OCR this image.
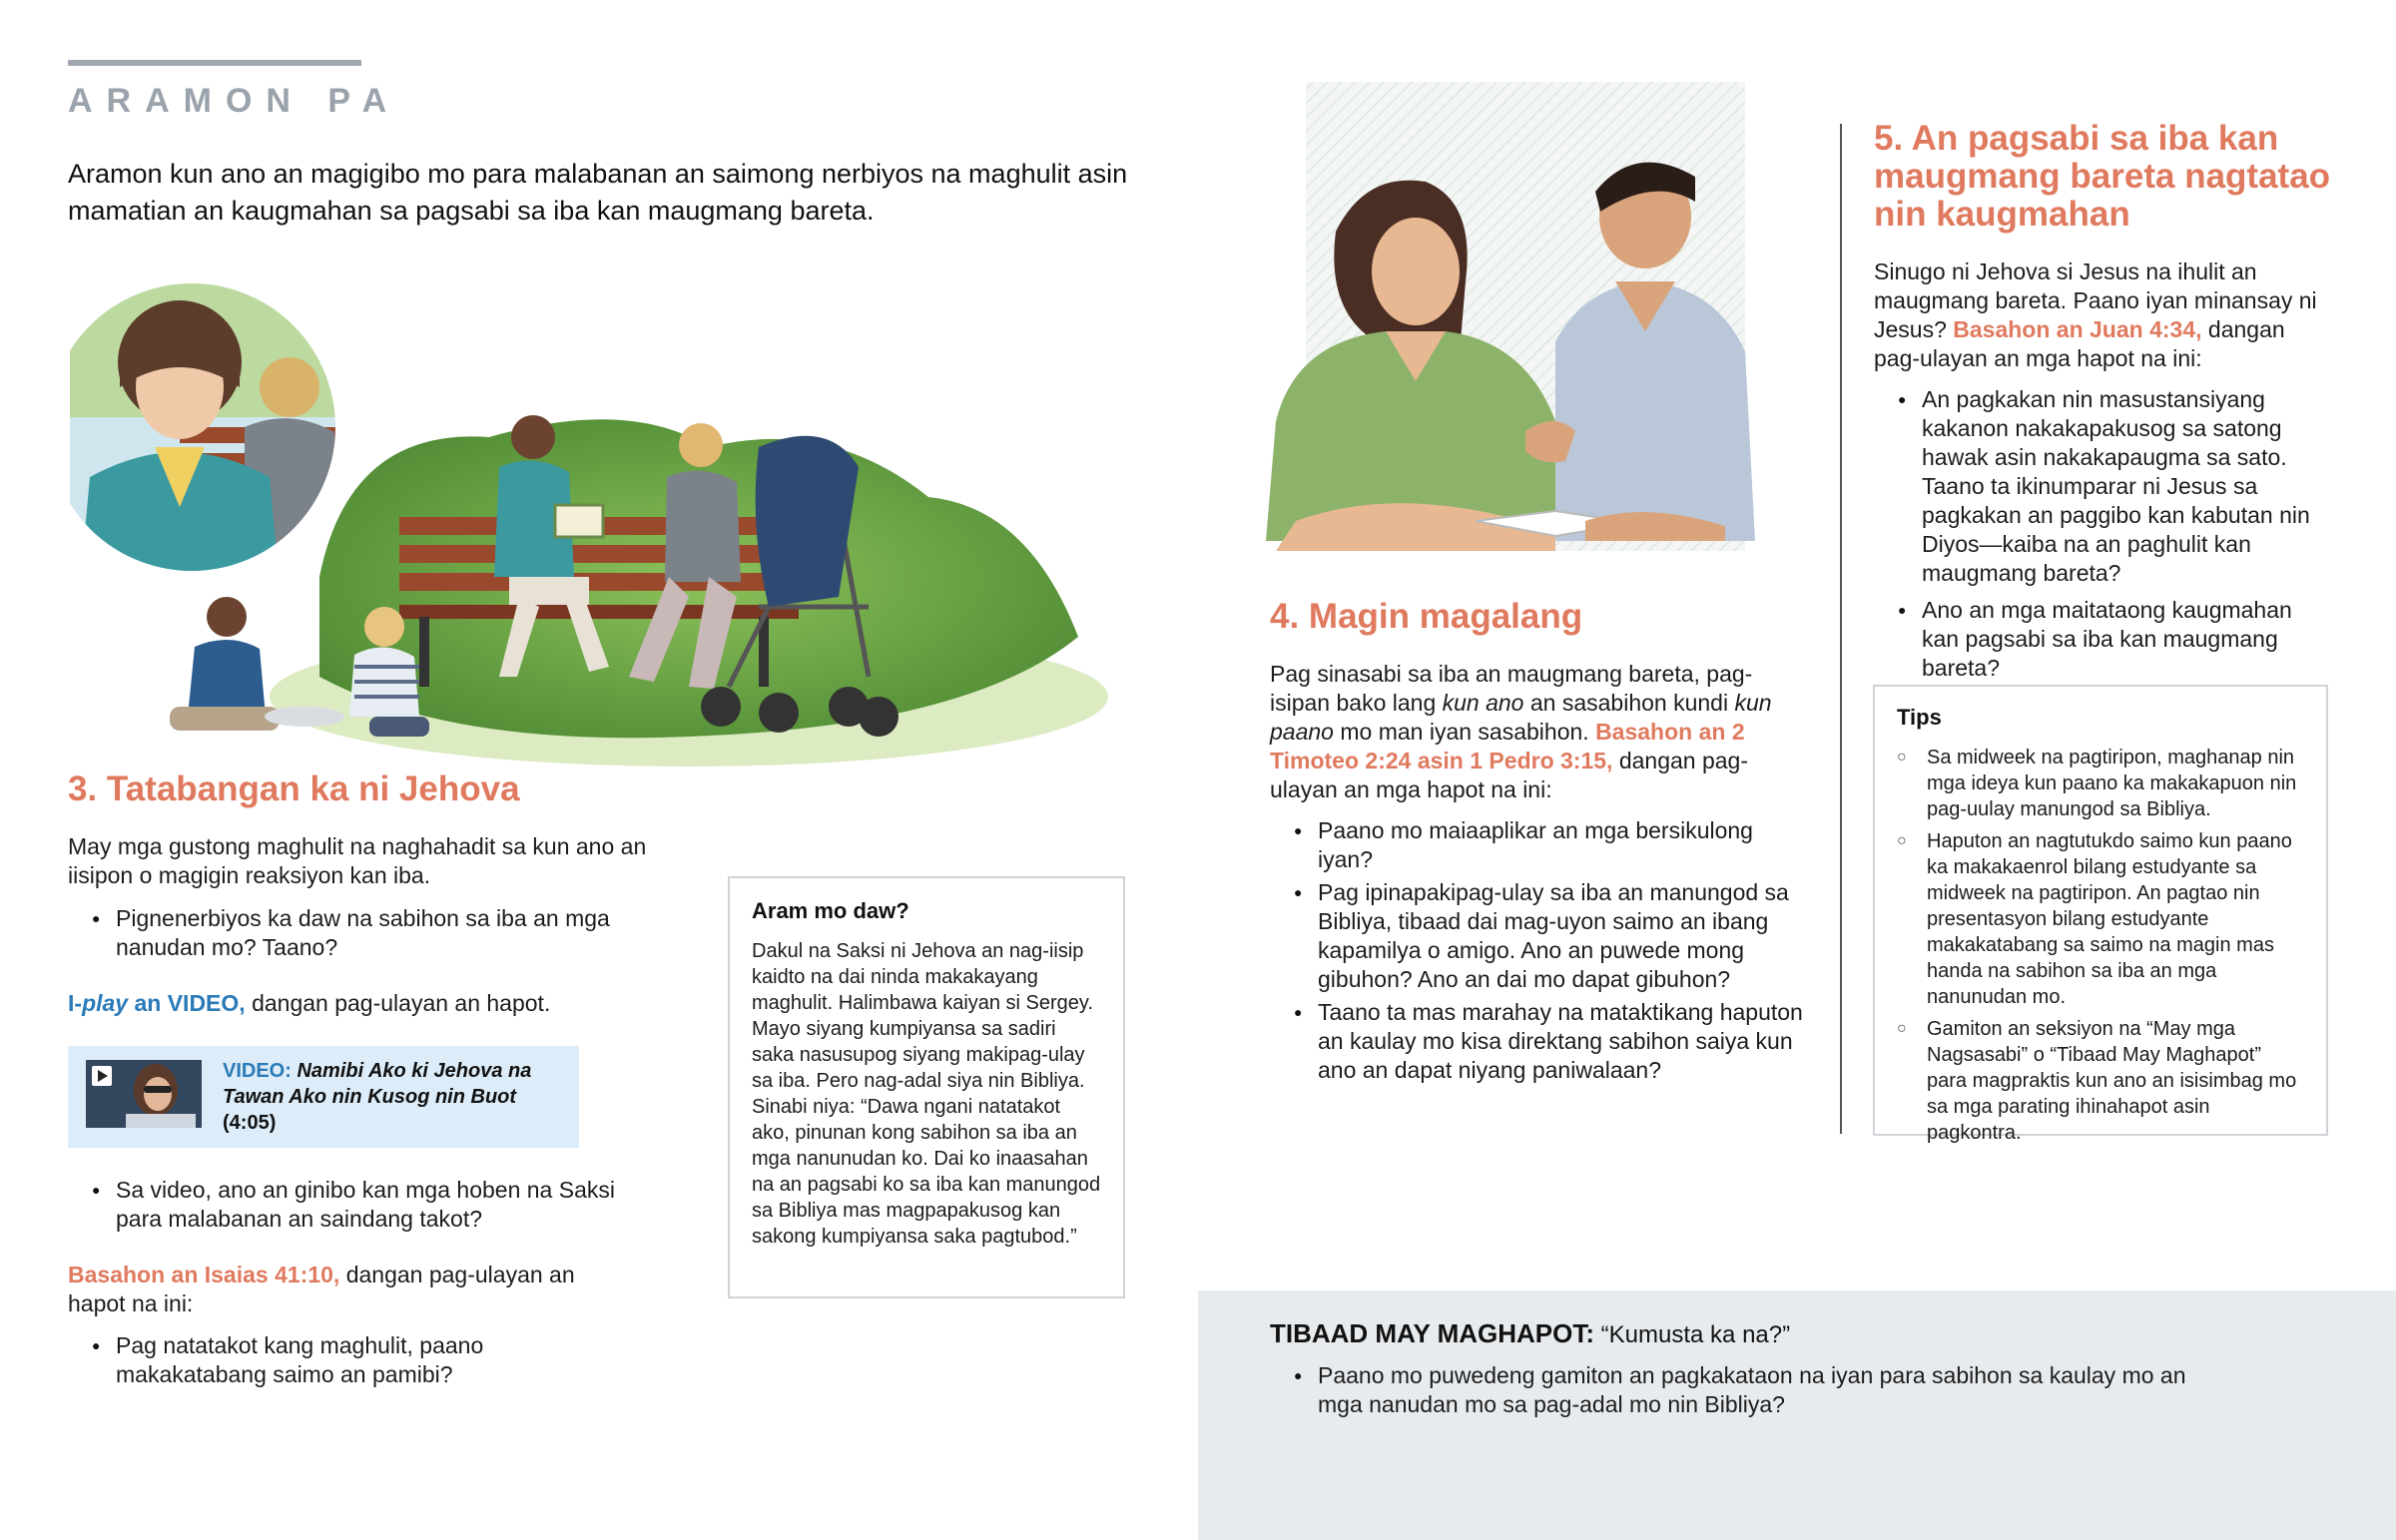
ARAMON PA
Aramon kun ano an magigibo mo para malabanan an saimong nerbiyos na maghulit asin mamatian an kaugmahan sa pagsabi sa iba kan maugmang bareta.
3. Tatabangan ka ni Jehova
May mga gustong maghulit na naghahadit sa kun ano an iisipon o magigin reaksiyon kan iba.
● Pignenerbiyos ka daw na sabihon sa iba an mga nanudan mo? Taano?
I-play an VIDEO, dangan pag-ulayan an hapot.
VIDEO: Namibi Ako ki Jehova na Tawan Ako nin Kusog nin Buot (4:05)
● Sa video, ano an ginibo kan mga hoben na Saksi para malabanan an saindang takot?
Basahon an Isaias 41:10, dangan pag-ulayan an hapot na ini:
● Pag natatakot kang maghulit, paano makakatabang saimo an pamibi?
Aram mo daw?
Dakul na Saksi ni Jehova an nag-iisip kaidto na dai ninda makakayang maghulit. Halimbawa kaiyan si Sergey. Mayo siyang kumpiyansa sa sadiri saka nasusupog siyang makipag-ulay sa iba. Pero nag-adal siya nin Bibliya. Sinabi niya: “Dawa ngani natatakot ako, pinunan kong sabihon sa iba an mga nanunudan ko. Dai ko inaasahan na an pagsabi ko sa iba kan manungod sa Bibliya mas magpapakusog kan sakong kumpiyansa saka pagtubod.”
4. Magin magalang
Pag sinasabi sa iba an maugmang bareta, pag-isipan bako lang kun ano an sasabihon kundi kun paano mo man iyan sasabihon. Basahon an 2 Timoteo 2:24 asin 1 Pedro 3:15, dangan pag-ulayan an mga hapot na ini:
● Paano mo maiaaplikar an mga bersikulong iyan?
● Pag ipinapakipag-ulay sa iba an manungod sa Bibliya, tibaad dai mag-uyon saimo an ibang kapamilya o amigo. Ano an puwede mong gibuhon? Ano an dai mo dapat gibuhon?
● Taano ta mas marahay na mataktikang haputon an kaulay mo kisa direktang sabihon saiya kun ano an dapat niyang paniwalaan?
5. An pagsabi sa iba kan maugmang bareta nagtatao nin kaugmahan
Sinugo ni Jehova si Jesus na ihulit an maugmang bareta. Paano iyan minansay ni Jesus? Basahon an Juan 4:34, dangan pag-ulayan an mga hapot na ini:
● An pagkakan nin masustansiyang kakanon nakakapakusog sa satong hawak asin nakakapaugma sa sato. Taano ta ikinumparar ni Jesus sa pagkakan an paggibo kan kabutan nin Diyos—kaiba na an paghulit kan maugmang bareta?
● Ano an mga maitataong kaugmahan kan pagsabi sa iba kan maugmang bareta?
Tips
○ Sa midweek na pagtiripon, maghanap nin mga ideya kun paano ka makakapuon nin pag-uulay manungod sa Bibliya.
○ Haputon an nagtutukdo saimo kun paano ka makakaenrol bilang estudyante sa midweek na pagtiripon. An pagtao nin presentasyon bilang estudyante makakatabang sa saimo na magin mas handa na sabihon sa iba an mga nanunudan mo.
○ Gamiton an seksiyon na “May mga Nagsasabi” o “Tibaad May Maghapot” para magpraktis kun ano an isisimbag mo sa mga parating ihinahapot asin pagkontra.
TIBAAD MAY MAGHAPOT: “Kumusta ka na?”
● Paano mo puwedeng gamiton an pagkakataon na iyan para sabihon sa kaulay mo an mga nanudan mo sa pag-adal mo nin Bibliya?
